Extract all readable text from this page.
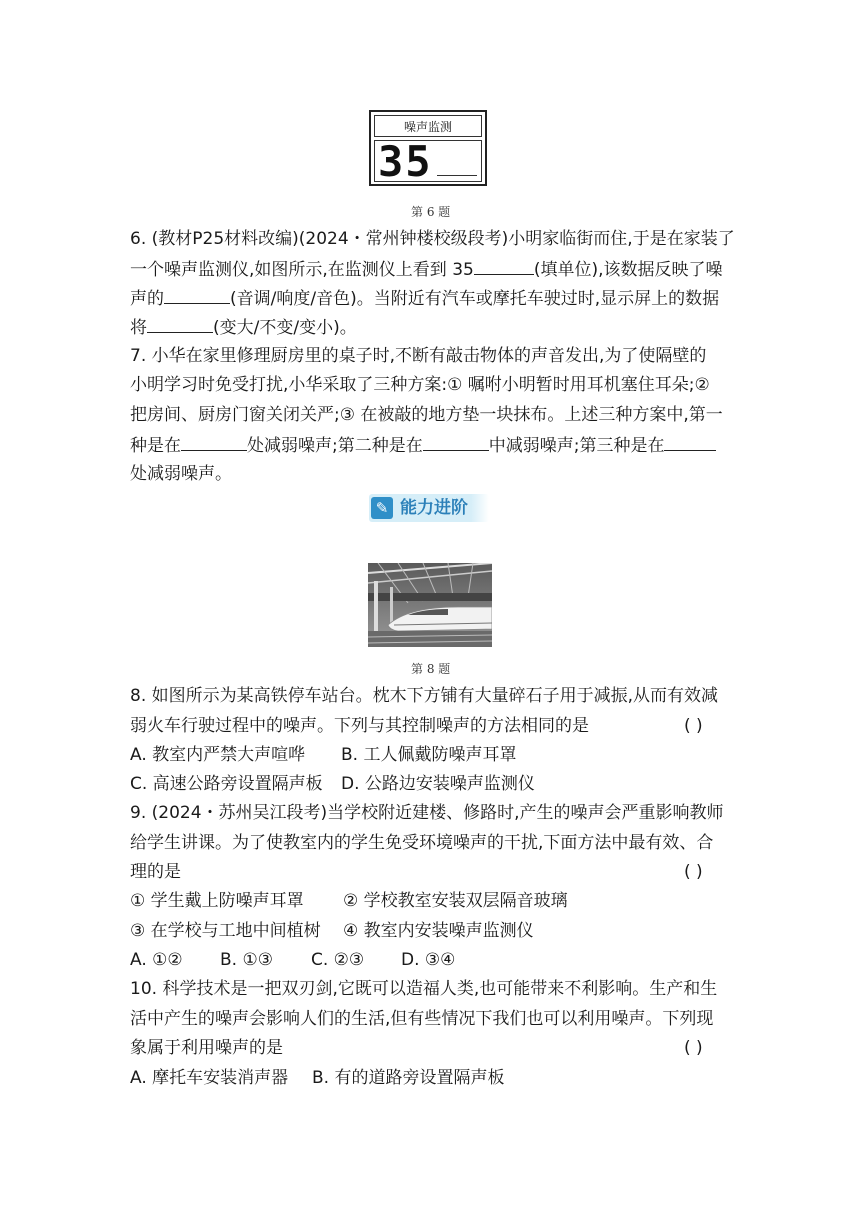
噪声监测
35
第 6 题
6. (教材P25材料改编)(2024・常州钟楼校级段考)小明家临街而住,于是在家装了
一个噪声监测仪,如图所示,在监测仪上看到 35	(填单位),该数据反映了噪
声的	(音调/响度/音色)。当附近有汽车或摩托车驶过时,显示屏上的数据
将	(变大/不变/变小)。
7. 小华在家里修理厨房里的桌子时,不断有敲击物体的声音发出,为了使隔壁的
小明学习时免受打扰,小华采取了三种方案:① 嘱咐小明暂时用耳机塞住耳朵;②
把房间、厨房门窗关闭关严;③ 在被敲的地方垫一块抹布。上述三种方案中,第一
种是在	处减弱噪声;第二种是在	中减弱噪声;第三种是在
处减弱噪声。
✎ 能力进阶
第 8 题
8. 如图所示为某高铁停车站台。枕木下方铺有大量碎石子用于减振,从而有效减
弱火车行驶过程中的噪声。下列与其控制噪声的方法相同的是	( )
A. 教室内严禁大声喧哗 B. 工人佩戴防噪声耳罩
C. 高速公路旁设置隔声板 D. 公路边安装噪声监测仪
9. (2024・苏州吴江段考)当学校附近建楼、修路时,产生的噪声会严重影响教师
给学生讲课。为了使教室内的学生免受环境噪声的干扰,下面方法中最有效、合
理的是	( )
① 学生戴上防噪声耳罩 ② 学校教室安装双层隔音玻璃
③ 在学校与工地中间植树 ④ 教室内安装噪声监测仪
A. ①② B. ①③ C. ②③ D. ③④
10. 科学技术是一把双刃剑,它既可以造福人类,也可能带来不利影响。生产和生
活中产生的噪声会影响人们的生活,但有些情况下我们也可以利用噪声。下列现
象属于利用噪声的是	( )
A. 摩托车安装消声器 B. 有的道路旁设置隔声板
